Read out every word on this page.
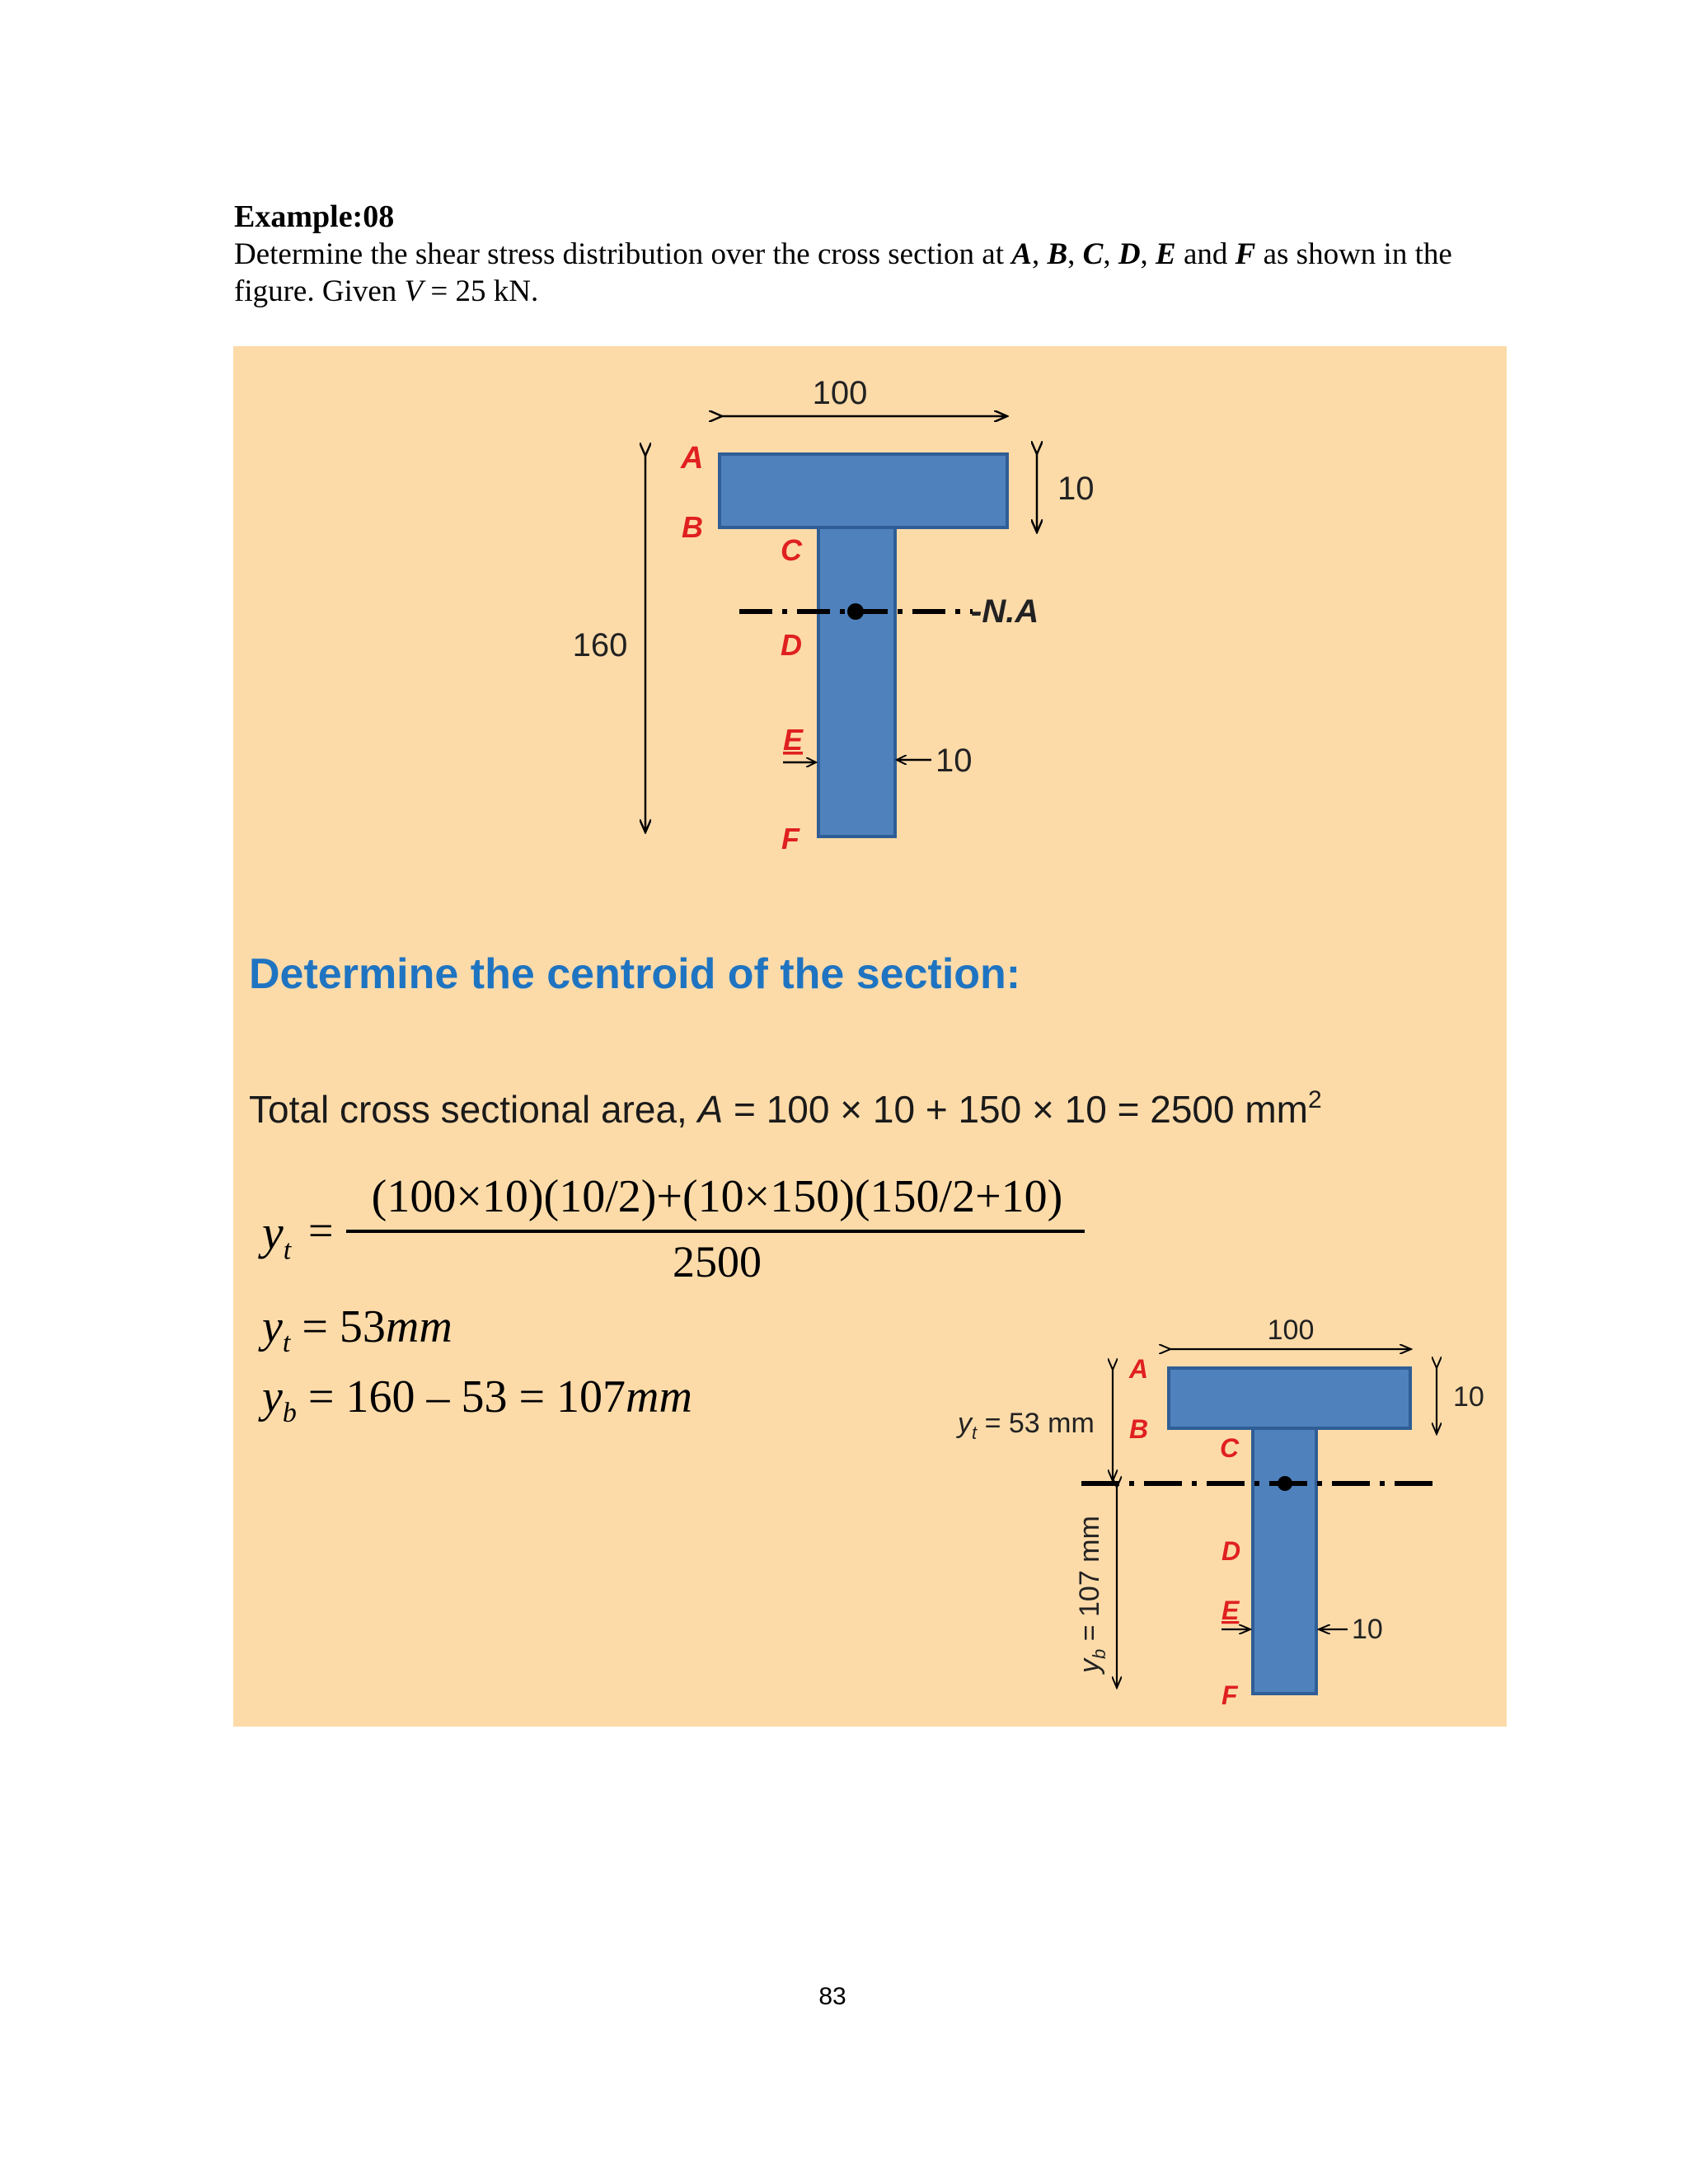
Example:08
Determine the shear stress distribution over the cross section at A, B, C, D, E and F as shown in the figure. Given V = 25 kN.
100
10
160
-N.A
10
A
B
C
D
E
F
Determine the centroid of the section:
Total cross sectional area, A = 100 × 10 + 150 × 10 = 2500 $mm^2$
$y_t$ =
(100×10)(10/2)+(10×150)(150/2+10)
2500
$y_t = 53mm$
$y_b = 160 - 53 = 107mm$
100
10
$y_t = 53$ mm
$y_b = 107$ mm	10
A
B
C
D
E
F
83
